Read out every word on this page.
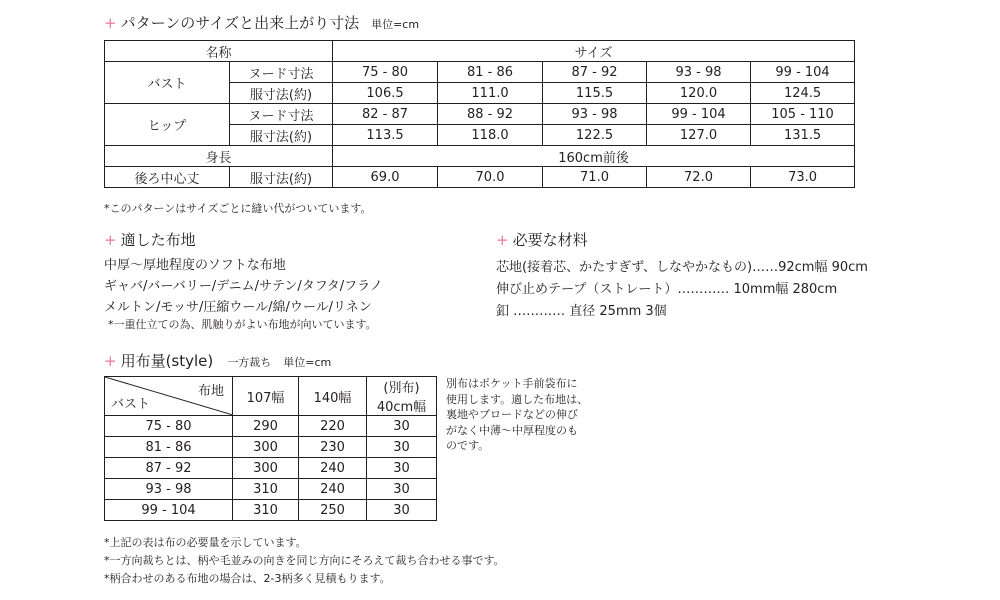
+ パターンのサイズと出来上がり寸法 単位=cm
名称		サイズ				
バスト	ヌード寸法	75 - 80	81 - 86	87 - 92	93 - 98	99 - 104
	服寸法(約)	106.5	111.0	115.5	120.0	124.5
ヒップ	ヌード寸法	82 - 87	88 - 92	93 - 98	99 - 104	105 - 110
	服寸法(約)	113.5	118.0	122.5	127.0	131.5
身長		160cm前後				
後ろ中心丈	服寸法(約)	69.0	70.0	71.0	72.0	73.0
*このパターンはサイズごとに縫い代がついています。
+ 適した布地
中厚〜厚地程度のソフトな布地
ギャバ/バーバリー/デニム/サテン/タフタ/フラノ
メルトン/モッサ/圧縮ウール/綿/ウール/リネン
*一重仕立ての為、肌触りがよい布地が向いています。
+ 必要な材料
芯地(接着芯、かたすぎず、しなやかなもの)……92cm幅 90cm
伸び止めテープ（ストレート）………… 10mm幅 280cm
釦 ………… 直径 25mm 3個
+ 用布量(style) 一方裁ち 単位=cm
布地
バスト	107幅	140幅	(別布)
			40cm幅
75 - 80	290	220	30
81 - 86	300	230	30
87 - 92	300	240	30
93 - 98	310	240	30
99 - 104	310	250	30
別布はポケット手前袋布に
使用します。適した布地は、
裏地やブロードなどの伸び
がなく中薄〜中厚程度のも
のです。
*上記の表は布の必要量を示しています。
*一方向裁ちとは、柄や毛並みの向きを同じ方向にそろえて裁ち合わせる事です。
*柄合わせのある布地の場合は、2-3柄多く見積もります。
